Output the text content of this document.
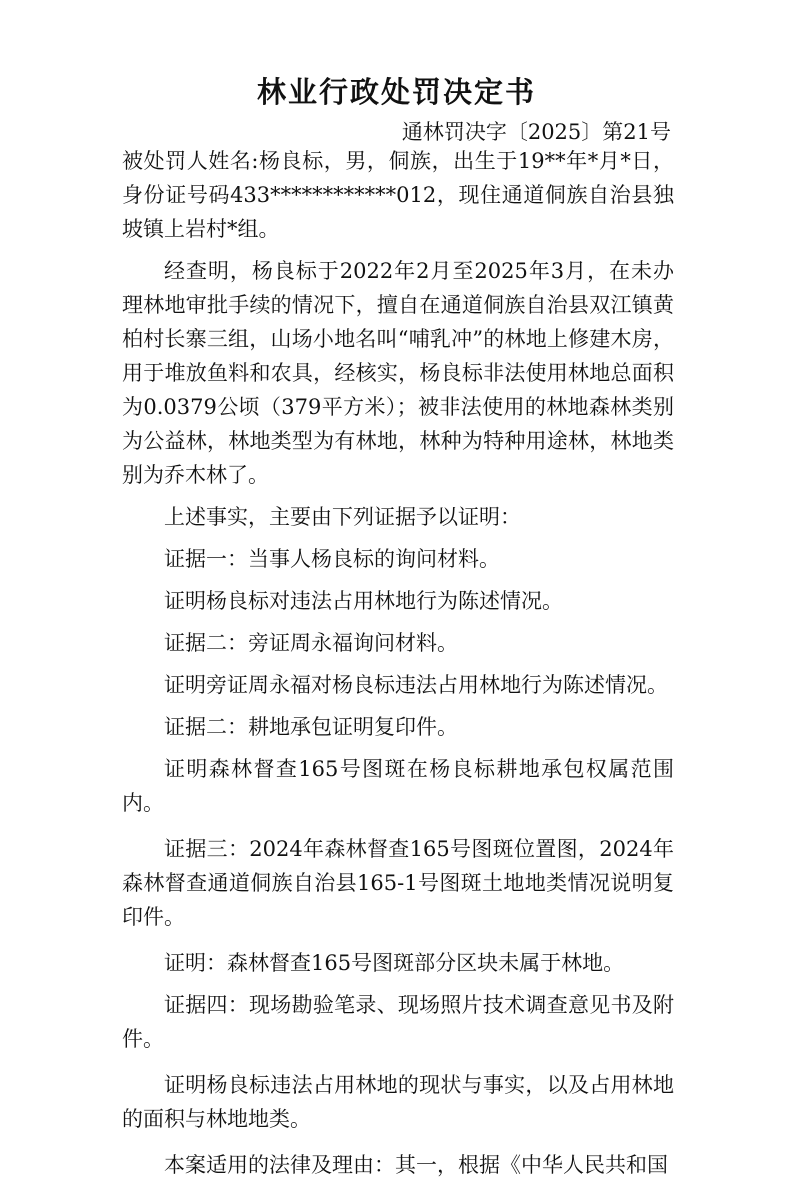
林业行政处罚决定书
通林罚决字〔2025〕第21号

被处罚人姓名:杨良标，男，侗族，出生于19**年*月*日，身份证号码433************012，现住通道侗族自治县独坡镇上岩村*组。

经查明，杨良标于2022年2月至2025年3月，在未办理林地审批手续的情况下，擅自在通道侗族自治县双江镇黄柏村长寨三组，山场小地名叫“哺乳冲”的林地上修建木房，用于堆放鱼料和农具，经核实，杨良标非法使用林地总面积为0.0379公顷（379平方米）；被非法使用的林地森林类别为公益林，林地类型为有林地，林种为特种用途林，林地类别为乔木林了。

上述事实，主要由下列证据予以证明：

证据一：当事人杨良标的询问材料。

证明杨良标对违法占用林地行为陈述情况。

证据二：旁证周永福询问材料。

证明旁证周永福对杨良标违法占用林地行为陈述情况。

证据二：耕地承包证明复印件。

证明森林督查165号图斑在杨良标耕地承包权属范围内。

证据三：2024年森林督查165号图斑位置图，2024年森林督查通道侗族自治县165-1号图斑土地地类情况说明复印件。

证明：森林督查165号图斑部分区块未属于林地。

证据四：现场勘验笔录、现场照片技术调查意见书及附件。

证明杨良标违法占用林地的现状与事实，以及占用林地的面积与林地地类。

本案适用的法律及理由：其一，根据《中华人民共和国
